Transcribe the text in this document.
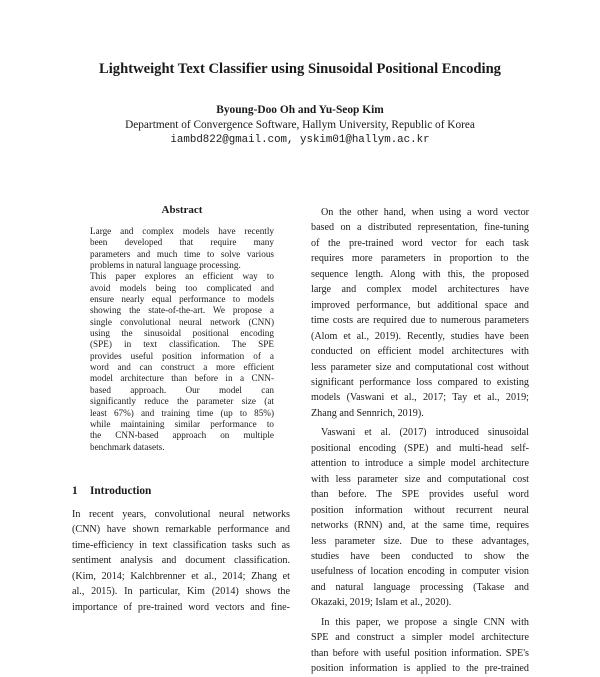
Lightweight Text Classifier using Sinusoidal Positional Encoding
Byoung-Doo Oh and Yu-Seop Kim
Department of Convergence Software, Hallym University, Republic of Korea
iambd822@gmail.com, yskim01@hallym.ac.kr
Abstract
Large and complex models have recently
been developed that require many
parameters and much time to solve various
problems in natural language processing.
This paper explores an efficient way to
avoid models being too complicated and
ensure nearly equal performance to models
showing the state-of-the-art. We propose a
single convolutional neural network (CNN)
using the sinusoidal positional encoding
(SPE) in text classification. The SPE
provides useful position information of a
word and can construct a more efficient
model architecture than before in a CNN-
based approach. Our model can
significantly reduce the parameter size (at
least 67%) and training time (up to 85%)
while maintaining similar performance to
the CNN-based approach on multiple
benchmark datasets.
1 Introduction
In recent years, convolutional neural networks
(CNN) have shown remarkable performance and
time-efficiency in text classification tasks such as
sentiment analysis and document classification.
(Kim, 2014; Kalchbrenner et al., 2014; Zhang et
al., 2015). In particular, Kim (2014) shows the
importance of pre-trained word vectors and fine-
On the other hand, when using a word vector
based on a distributed representation, fine-tuning
of the pre-trained word vector for each task
requires more parameters in proportion to the
sequence length. Along with this, the proposed
large and complex model architectures have
improved performance, but additional space and
time costs are required due to numerous parameters
(Alom et al., 2019). Recently, studies have been
conducted on efficient model architectures with
less parameter size and computational cost without
significant performance loss compared to existing
models (Vaswani et al., 2017; Tay et al., 2019;
Zhang and Sennrich, 2019).
Vaswani et al. (2017) introduced sinusoidal
positional encoding (SPE) and multi-head self-
attention to introduce a simple model architecture
with less parameter size and computational cost
than before. The SPE provides useful word
position information without recurrent neural
networks (RNN) and, at the same time, requires
less parameter size. Due to these advantages,
studies have been conducted to show the
usefulness of location encoding in computer vision
and natural language processing (Takase and
Okazaki, 2019; Islam et al., 2020).
In this paper, we propose a single CNN with
SPE and construct a simpler model architecture
than before with useful position information. SPE's
position information is applied to the pre-trained
